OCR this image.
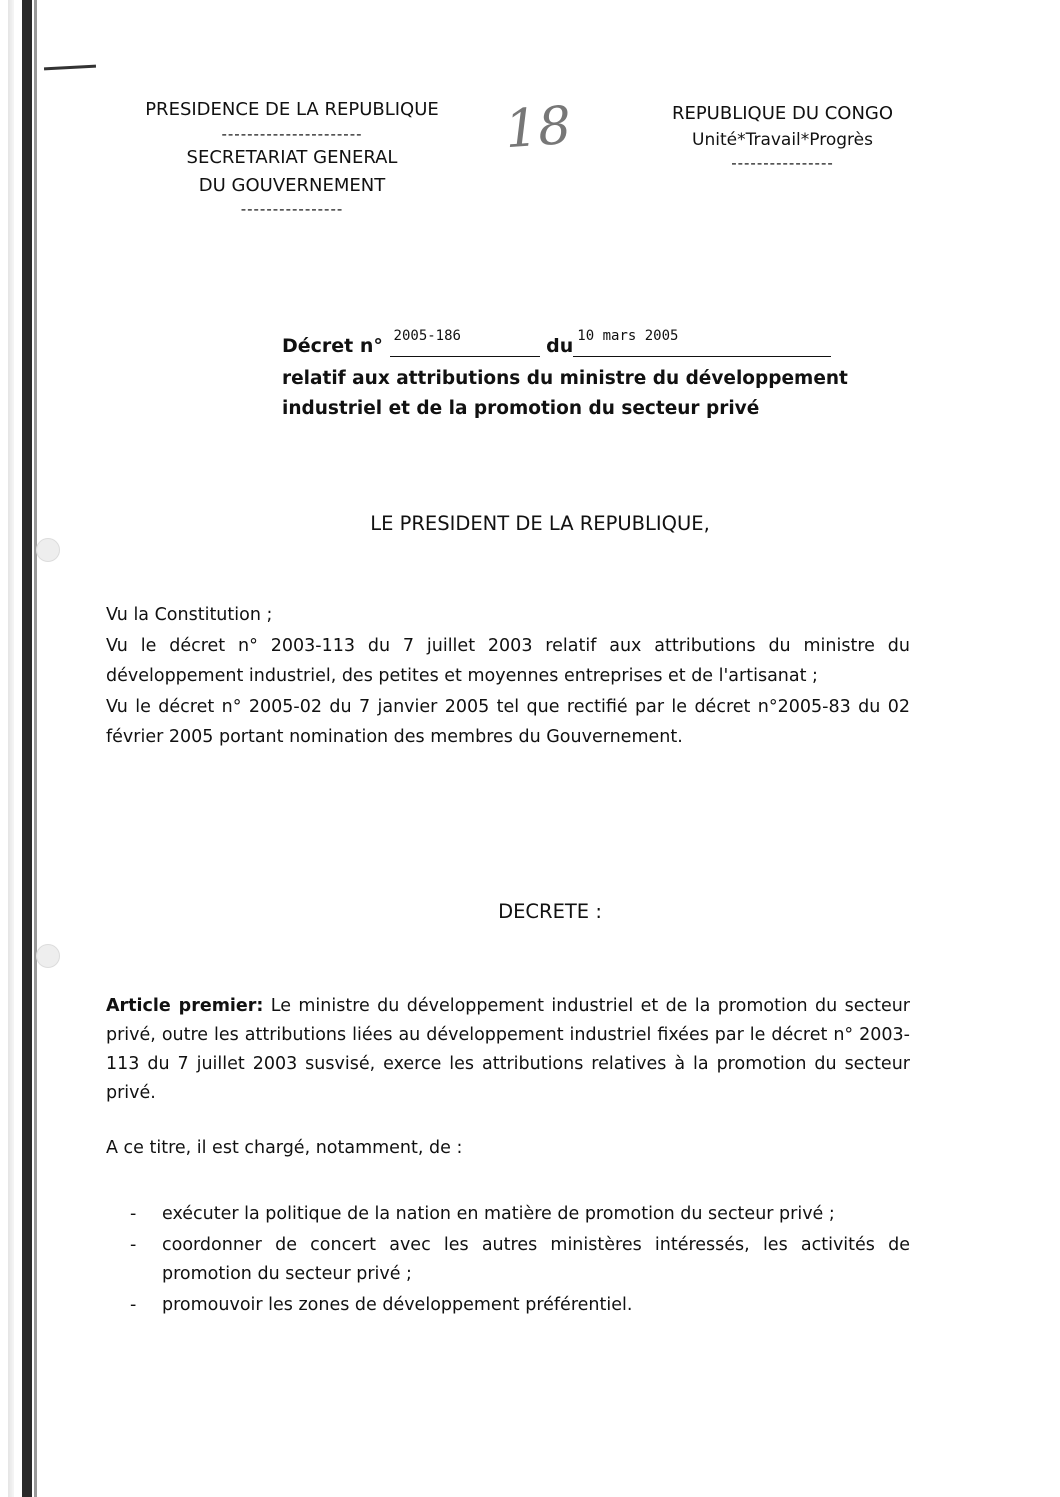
PRESIDENCE DE LA REPUBLIQUE
----------------------
SECRETARIAT GENERAL
DU GOUVERNEMENT
----------------
18	REPUBLIQUE DU CONGO
Unité*Travail*Progrès
----------------
Décret n° 2005-186	du 10 mars 2005
relatif aux attributions du ministre du développement
industriel et de la promotion du secteur privé
LE PRESIDENT DE LA REPUBLIQUE,

Vu la Constitution ;

Vu le décret n° 2003-113 du 7 juillet 2003 relatif aux attributions du ministre du développement industriel, des petites et moyennes entreprises et de l'artisanat ;

Vu le décret n° 2005-02 du 7 janvier 2005 tel que rectifié par le décret n°2005-83 du 02 février 2005 portant nomination des membres du Gouvernement.

DECRETE :

Article premier: Le ministre du développement industriel et de la promotion du secteur privé, outre les attributions liées au développement industriel fixées par le décret n° 2003-113 du 7 juillet 2003 susvisé, exerce les attributions relatives à la promotion du secteur privé.

A ce titre, il est chargé, notamment, de :
- exécuter la politique de la nation en matière de promotion du secteur privé ;
- coordonner de concert avec les autres ministères intéressés, les activités de promotion du secteur privé ;
- promouvoir les zones de développement préférentiel.
